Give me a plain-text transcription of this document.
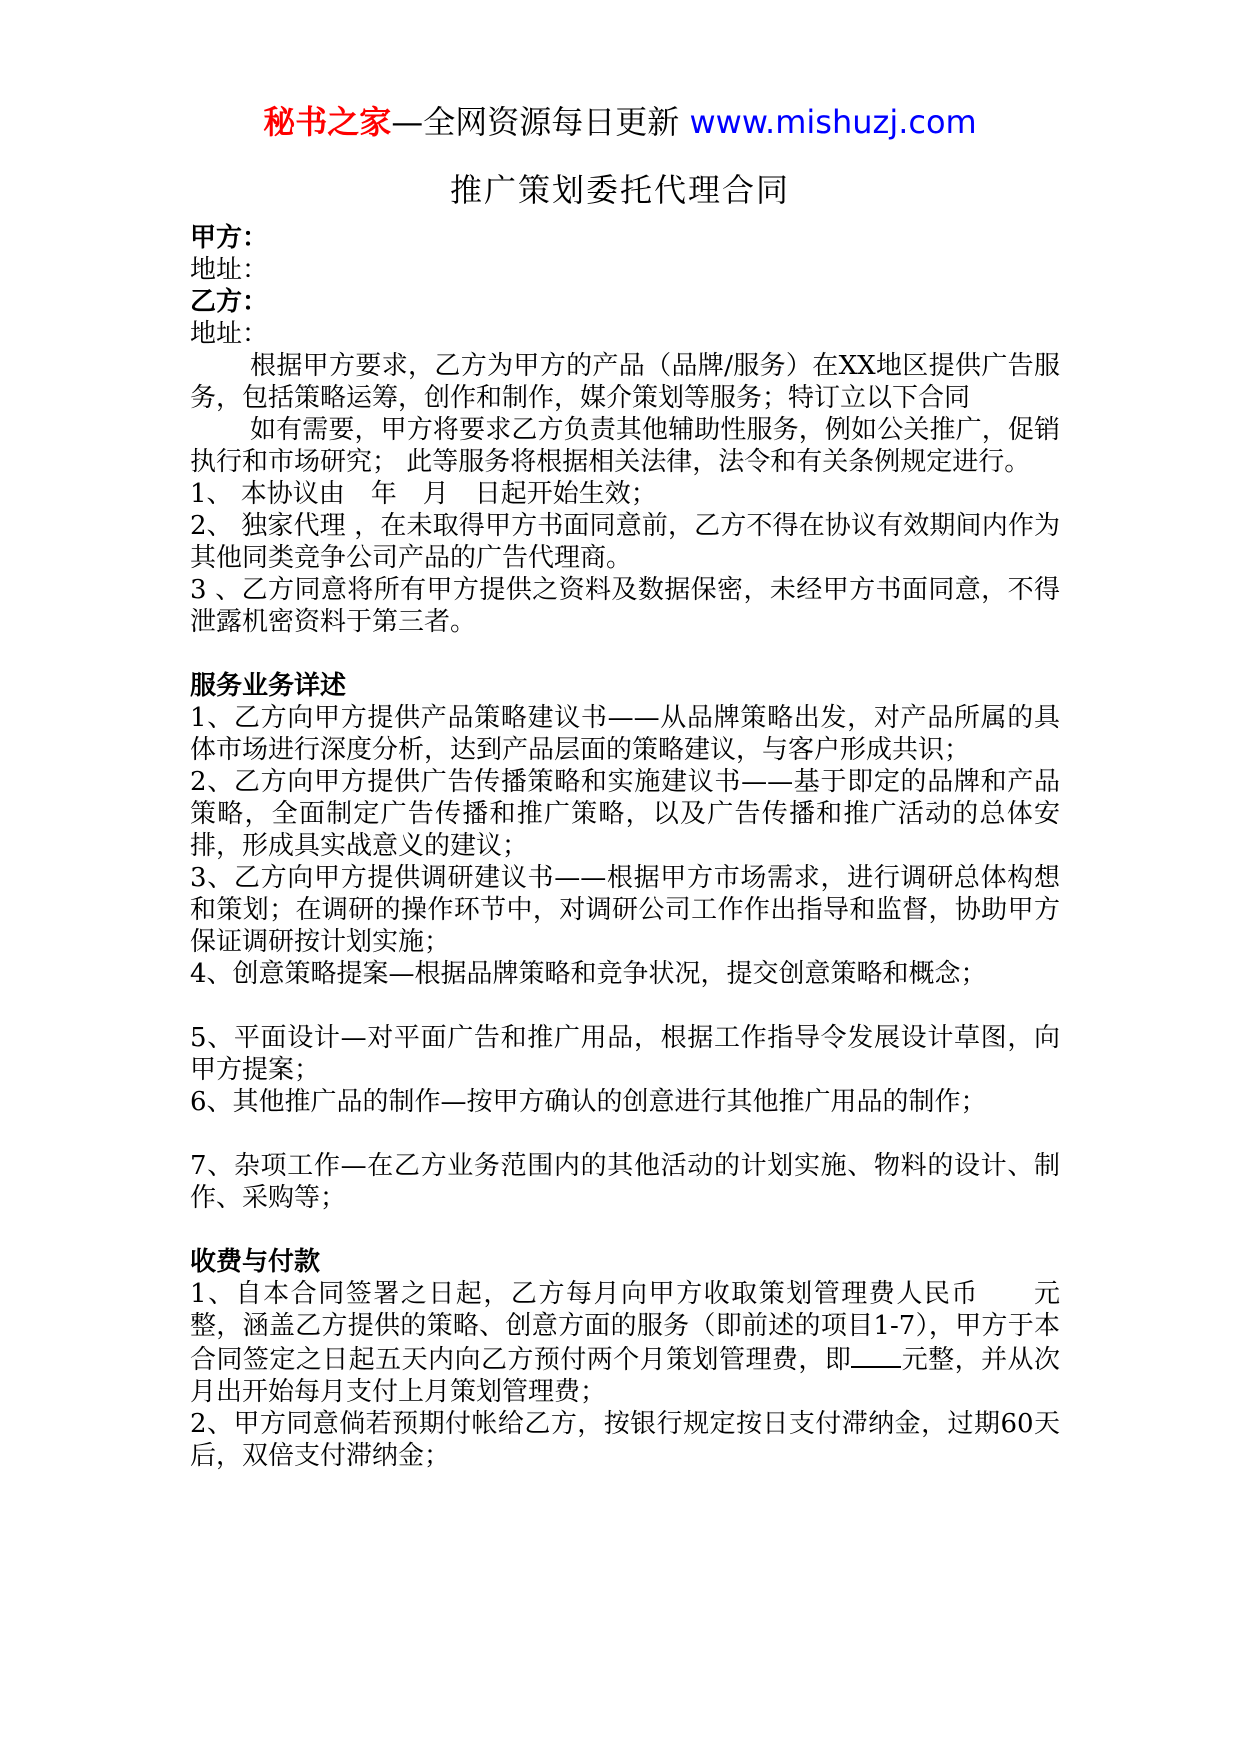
秘书之家—全网资源每日更新 www.mishuzj.com
推广策划委托代理合同

甲方：

地址：

乙方：

地址：

根据甲方要求，乙方为甲方的产品（品牌/服务）在XX地区提供广告服务，包括策略运筹，创作和制作，媒介策划等服务；特订立以下合同

如有需要，甲方将要求乙方负责其他辅助性服务，例如公关推广，促销执行和市场研究； 此等服务将根据相关法律，法令和有关条例规定进行。

1、 本协议由　年　月　日起开始生效；

2、 独家代理 ，在未取得甲方书面同意前，乙方不得在协议有效期间内作为其他同类竞争公司产品的广告代理商。

3 、乙方同意将所有甲方提供之资料及数据保密，未经甲方书面同意，不得泄露机密资料于第三者。

服务业务详述

1、乙方向甲方提供产品策略建议书——从品牌策略出发，对产品所属的具体市场进行深度分析，达到产品层面的策略建议，与客户形成共识；

2、乙方向甲方提供广告传播策略和实施建议书——基于即定的品牌和产品策略，全面制定广告传播和推广策略，以及广告传播和推广活动的总体安排，形成具实战意义的建议；

3、乙方向甲方提供调研建议书——根据甲方市场需求，进行调研总体构想和策划；在调研的操作环节中，对调研公司工作作出指导和监督，协助甲方保证调研按计划实施；

4、创意策略提案—根据品牌策略和竞争状况，提交创意策略和概念；

5、平面设计—对平面广告和推广用品，根据工作指导令发展设计草图，向甲方提案；

6、其他推广品的制作—按甲方确认的创意进行其他推广用品的制作；

7、杂项工作—在乙方业务范围内的其他活动的计划实施、物料的设计、制作、采购等；

收费与付款

1、自本合同签署之日起，乙方每月向甲方收取策划管理费人民币　　元整，涵盖乙方提供的策略、创意方面的服务（即前述的项目1-7），甲方于本合同签定之日起五天内向乙方预付两个月策划管理费，即 元整，并从次月出开始每月支付上月策划管理费；

2、甲方同意倘若预期付帐给乙方，按银行规定按日支付滞纳金，过期60天后，双倍支付滞纳金；
